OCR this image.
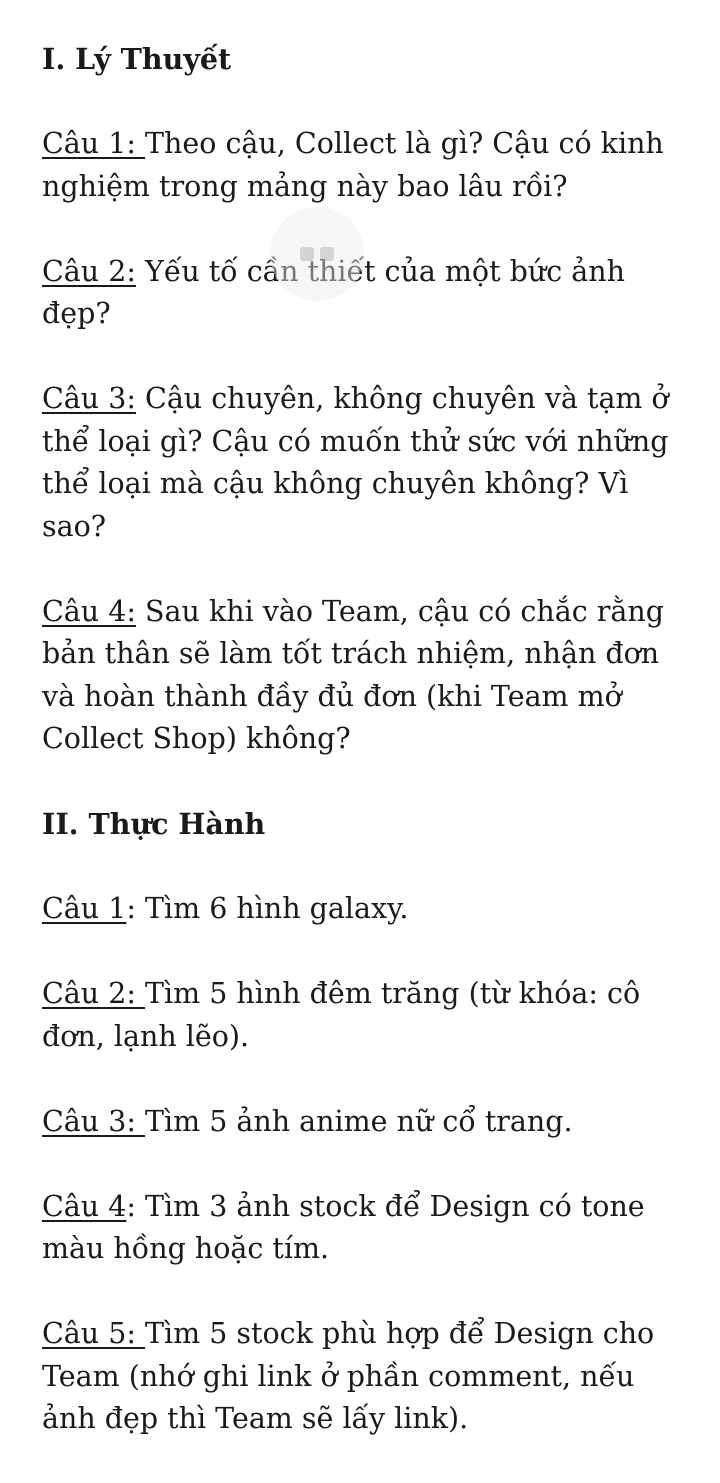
I. Lý Thuyết

Câu 1: Theo cậu, Collect là gì? Cậu có kinh nghiệm trong mảng này bao lâu rồi?

Câu 2: Yếu tố cần thiết của một bức ảnh đẹp?

Câu 3: Cậu chuyên, không chuyên và tạm ở thể loại gì? Cậu có muốn thử sức với những thể loại mà cậu không chuyên không? Vì sao?

Câu 4: Sau khi vào Team, cậu có chắc rằng bản thân sẽ làm tốt trách nhiệm, nhận đơn và hoàn thành đầy đủ đơn (khi Team mở Collect Shop) không?

II. Thực Hành

Câu 1: Tìm 6 hình galaxy.

Câu 2: Tìm 5 hình đêm trăng (từ khóa: cô đơn, lạnh lẽo).

Câu 3: Tìm 5 ảnh anime nữ cổ trang.

Câu 4: Tìm 3 ảnh stock để Design có tone màu hồng hoặc tím.

Câu 5: Tìm 5 stock phù hợp để Design cho Team (nhớ ghi link ở phần comment, nếu ảnh đẹp thì Team sẽ lấy link).
